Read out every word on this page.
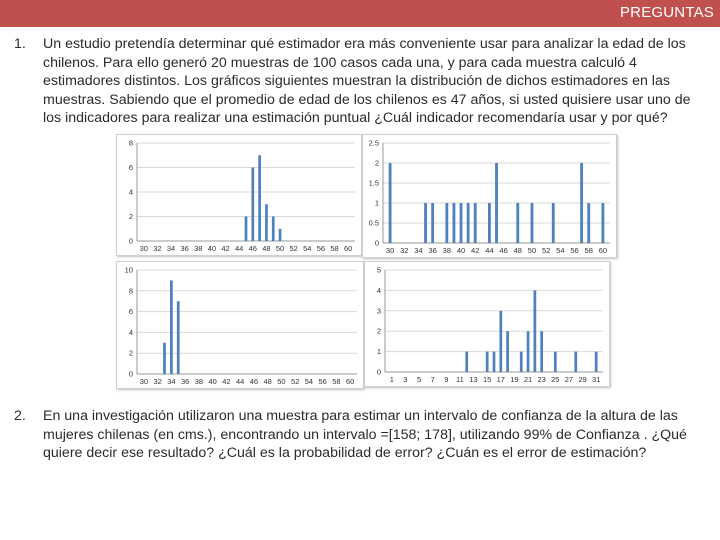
PREGUNTAS
1. Un estudio pretendía determinar qué estimador era más conveniente usar para analizar la edad de los chilenos. Para ello generó 20 muestras de 100 casos cada una, y para cada muestra calculó 4 estimadores distintos. Los gráficos siguientes muestran la distribución de dichos estimadores en las muestras. Sabiendo que el promedio de edad de los chilenos es 47 años, si usted quisiere usar uno de los indicadores para realizar una estimación puntual ¿Cuál indicador recomendaría usar y por qué?
0
2
4
6
8
30 32 34 36 38 40 42 44 46 48 50 52 54 56 58 60
0
0.5
1
1.5
2
2.5
30 32 34 36 38 40 42 44 46 48 50 52 54 56 58 60
0
2
4
6
8
10
30 32 34 36 38 40 42 44 46 48 50 52 54 56 58 60
0
1
2
3
4
5
1 3 5 7 9 11 13 15 17 19 21 23 25 27 29 31
2. En una investigación utilizaron una muestra para estimar un intervalo de confianza de la altura de las mujeres chilenas (en cms.), encontrando un intervalo =[158; 178], utilizando 99% de Confianza . ¿Qué quiere decir ese resultado? ¿Cuál es la probabilidad de error? ¿Cuán es el error de estimación?
